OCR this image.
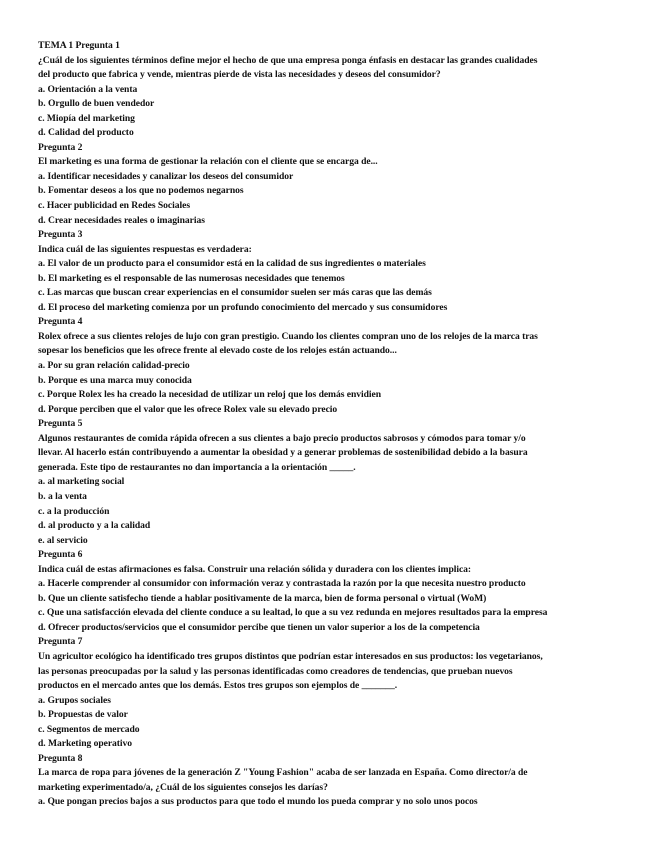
TEMA 1 Pregunta 1
¿Cuál de los siguientes términos define mejor el hecho de que una empresa ponga énfasis en destacar las grandes cualidades
del producto que fabrica y vende, mientras pierde de vista las necesidades y deseos del consumidor?
a. Orientación a la venta
b. Orgullo de buen vendedor
c. Miopía del marketing
d. Calidad del producto
Pregunta 2
El marketing es una forma de gestionar la relación con el cliente que se encarga de...
a. Identificar necesidades y canalizar los deseos del consumidor
b. Fomentar deseos a los que no podemos negarnos
c. Hacer publicidad en Redes Sociales
d. Crear necesidades reales o imaginarias
Pregunta 3
Indica cuál de las siguientes respuestas es verdadera:
a. El valor de un producto para el consumidor está en la calidad de sus ingredientes o materiales
b. El marketing es el responsable de las numerosas necesidades que tenemos
c. Las marcas que buscan crear experiencias en el consumidor suelen ser más caras que las demás
d. El proceso del marketing comienza por un profundo conocimiento del mercado y sus consumidores
Pregunta 4
Rolex ofrece a sus clientes relojes de lujo con gran prestigio. Cuando los clientes compran uno de los relojes de la marca tras
sopesar los beneficios que les ofrece frente al elevado coste de los relojes están actuando...
a. Por su gran relación calidad-precio
b. Porque es una marca muy conocida
c. Porque Rolex les ha creado la necesidad de utilizar un reloj que los demás envidien
d. Porque perciben que el valor que les ofrece Rolex vale su elevado precio
Pregunta 5
Algunos restaurantes de comida rápida ofrecen a sus clientes a bajo precio productos sabrosos y cómodos para tomar y/o
llevar. Al hacerlo están contribuyendo a aumentar la obesidad y a generar problemas de sostenibilidad debido a la basura
generada. Este tipo de restaurantes no dan importancia a la orientación _____.
a. al marketing social
b. a la venta
c. a la producción
d. al producto y a la calidad
e. al servicio
Pregunta 6
Indica cuál de estas afirmaciones es falsa. Construir una relación sólida y duradera con los clientes implica:
a. Hacerle comprender al consumidor con información veraz y contrastada la razón por la que necesita nuestro producto
b. Que un cliente satisfecho tiende a hablar positivamente de la marca, bien de forma personal o virtual (WoM)
c. Que una satisfacción elevada del cliente conduce a su lealtad, lo que a su vez redunda en mejores resultados para la empresa
d. Ofrecer productos/servicios que el consumidor percibe que tienen un valor superior a los de la competencia
Pregunta 7
Un agricultor ecológico ha identificado tres grupos distintos que podrían estar interesados en sus productos: los vegetarianos,
las personas preocupadas por la salud y las personas identificadas como creadores de tendencias, que prueban nuevos
productos en el mercado antes que los demás. Estos tres grupos son ejemplos de _______.
a. Grupos sociales
b. Propuestas de valor
c. Segmentos de mercado
d. Marketing operativo
Pregunta 8
La marca de ropa para jóvenes de la generación Z "Young Fashion" acaba de ser lanzada en España. Como director/a de
marketing experimentado/a, ¿Cuál de los siguientes consejos les darías?
a. Que pongan precios bajos a sus productos para que todo el mundo los pueda comprar y no solo unos pocos
